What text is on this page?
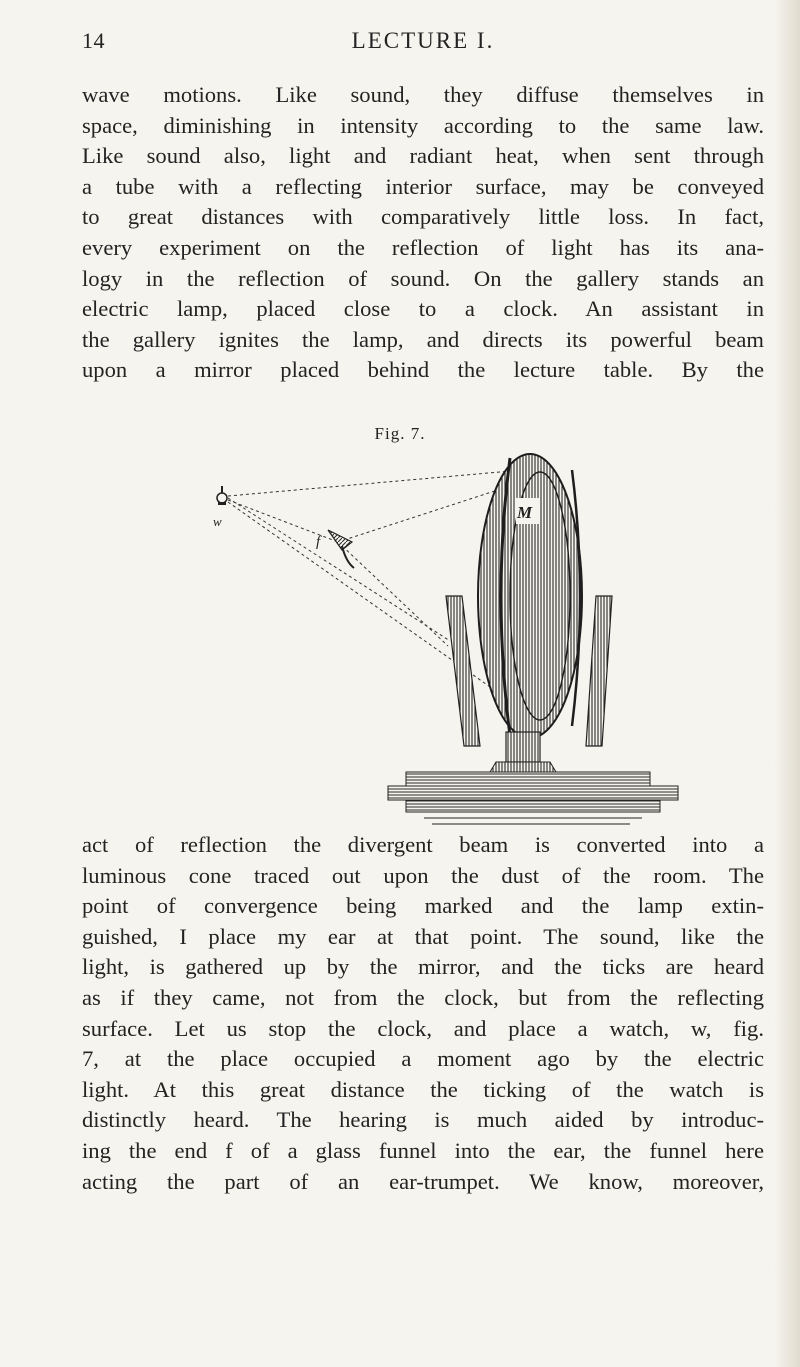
14	LECTURE I.
wave motions. Like sound, they diffuse themselves in
space, diminishing in intensity according to the same law.
Like sound also, light and radiant heat, when sent through
a tube with a reflecting interior surface, may be conveyed
to great distances with comparatively little loss. In fact,
every experiment on the reflection of light has its ana-
logy in the reflection of sound. On the gallery stands an
electric lamp, placed close to a clock. An assistant in
the gallery ignites the lamp, and directs its powerful beam
upon a mirror placed behind the lecture table. By the
Fig. 7.
w
f
M
act of reflection the divergent beam is converted into a
luminous cone traced out upon the dust of the room. The
point of convergence being marked and the lamp extin-
guished, I place my ear at that point. The sound, like the
light, is gathered up by the mirror, and the ticks are heard
as if they came, not from the clock, but from the reflecting
surface. Let us stop the clock, and place a watch, w, fig.
7, at the place occupied a moment ago by the electric
light. At this great distance the ticking of the watch is
distinctly heard. The hearing is much aided by introduc-
ing the end f of a glass funnel into the ear, the funnel here
acting the part of an ear-trumpet. We know, moreover,
